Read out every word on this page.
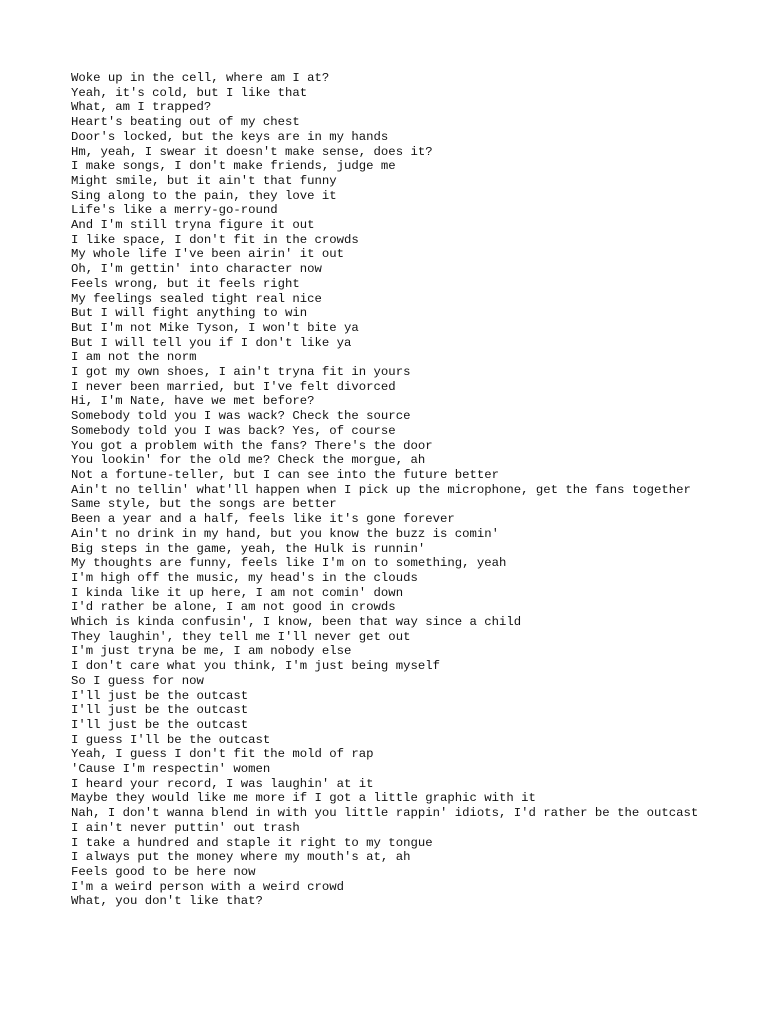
Woke up in the cell, where am I at?
Yeah, it's cold, but I like that
What, am I trapped?
Heart's beating out of my chest
Door's locked, but the keys are in my hands
Hm, yeah, I swear it doesn't make sense, does it?
I make songs, I don't make friends, judge me
Might smile, but it ain't that funny
Sing along to the pain, they love it
Life's like a merry-go-round
And I'm still tryna figure it out
I like space, I don't fit in the crowds
My whole life I've been airin' it out
Oh, I'm gettin' into character now
Feels wrong, but it feels right
My feelings sealed tight real nice
But I will fight anything to win
But I'm not Mike Tyson, I won't bite ya
But I will tell you if I don't like ya
I am not the norm
I got my own shoes, I ain't tryna fit in yours
I never been married, but I've felt divorced
Hi, I'm Nate, have we met before?
Somebody told you I was wack? Check the source
Somebody told you I was back? Yes, of course
You got a problem with the fans? There's the door
You lookin' for the old me? Check the morgue, ah
Not a fortune-teller, but I can see into the future better
Ain't no tellin' what'll happen when I pick up the microphone, get the fans together
Same style, but the songs are better
Been a year and a half, feels like it's gone forever
Ain't no drink in my hand, but you know the buzz is comin'
Big steps in the game, yeah, the Hulk is runnin'
My thoughts are funny, feels like I'm on to something, yeah
I'm high off the music, my head's in the clouds
I kinda like it up here, I am not comin' down
I'd rather be alone, I am not good in crowds
Which is kinda confusin', I know, been that way since a child
They laughin', they tell me I'll never get out
I'm just tryna be me, I am nobody else
I don't care what you think, I'm just being myself
So I guess for now
I'll just be the outcast
I'll just be the outcast
I'll just be the outcast
I guess I'll be the outcast
Yeah, I guess I don't fit the mold of rap
'Cause I'm respectin' women
I heard your record, I was laughin' at it
Maybe they would like me more if I got a little graphic with it
Nah, I don't wanna blend in with you little rappin' idiots, I'd rather be the outcast
I ain't never puttin' out trash
I take a hundred and staple it right to my tongue
I always put the money where my mouth's at, ah
Feels good to be here now
I'm a weird person with a weird crowd
What, you don't like that?
